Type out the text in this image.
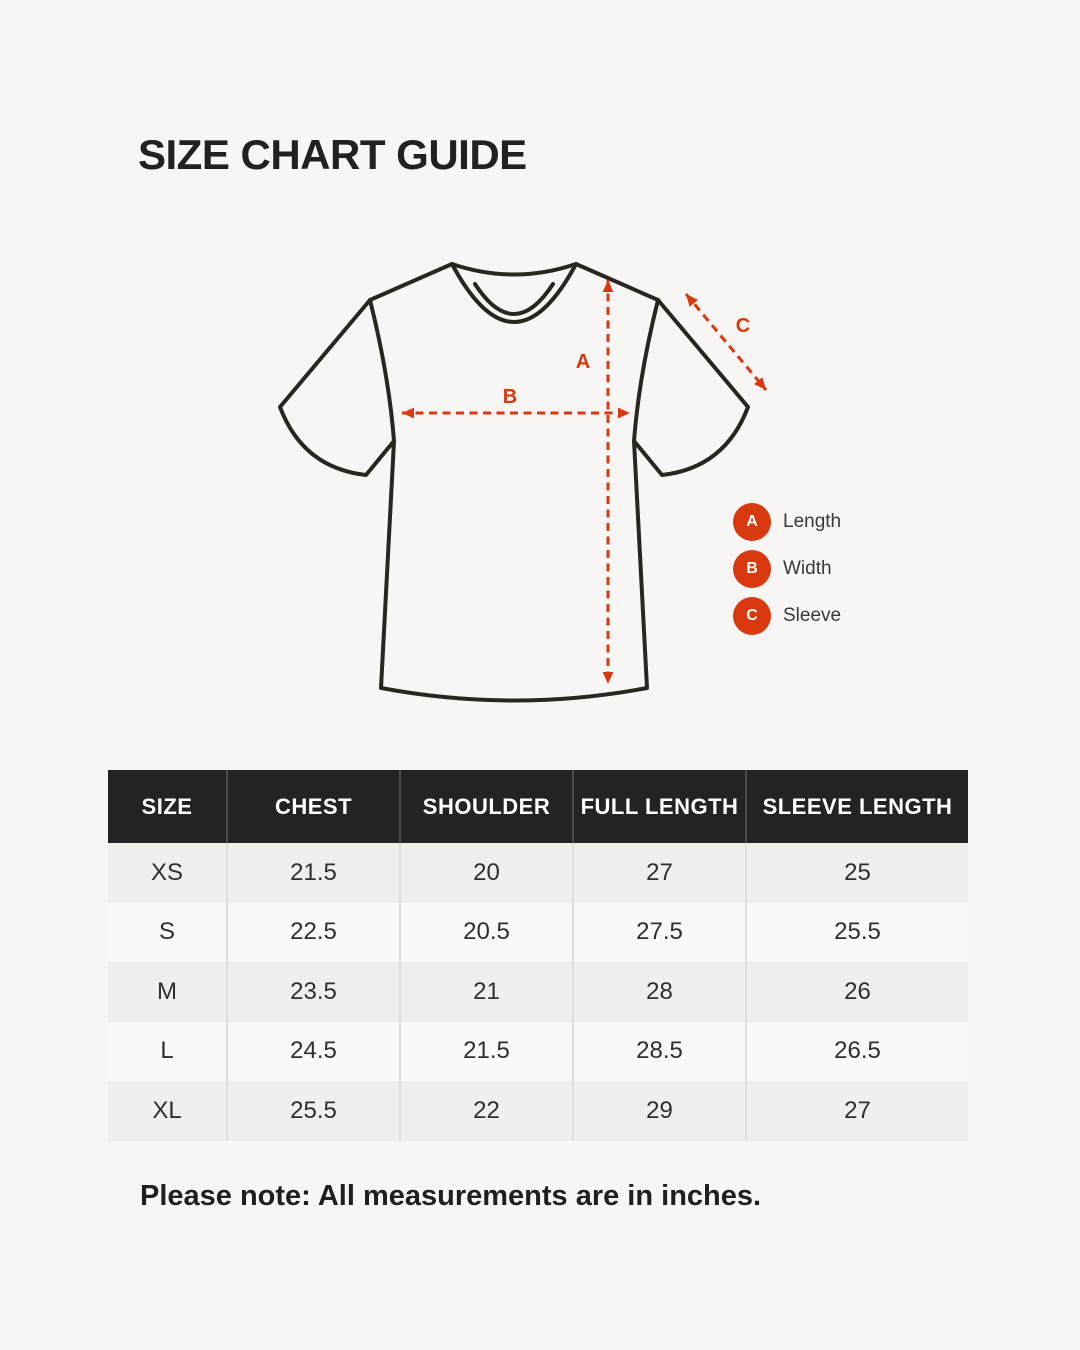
SIZE CHART GUIDE
A
B
C
A	Length
B	Width
C	Sleeve
SIZE	CHEST	SHOULDER	FULL LENGTH	SLEEVE LENGTH
XS	21.5	20	27	25
S	22.5	20.5	27.5	25.5
M	23.5	21	28	26
L	24.5	21.5	28.5	26.5
XL	25.5	22	29	27

Please note: All measurements are in inches.
